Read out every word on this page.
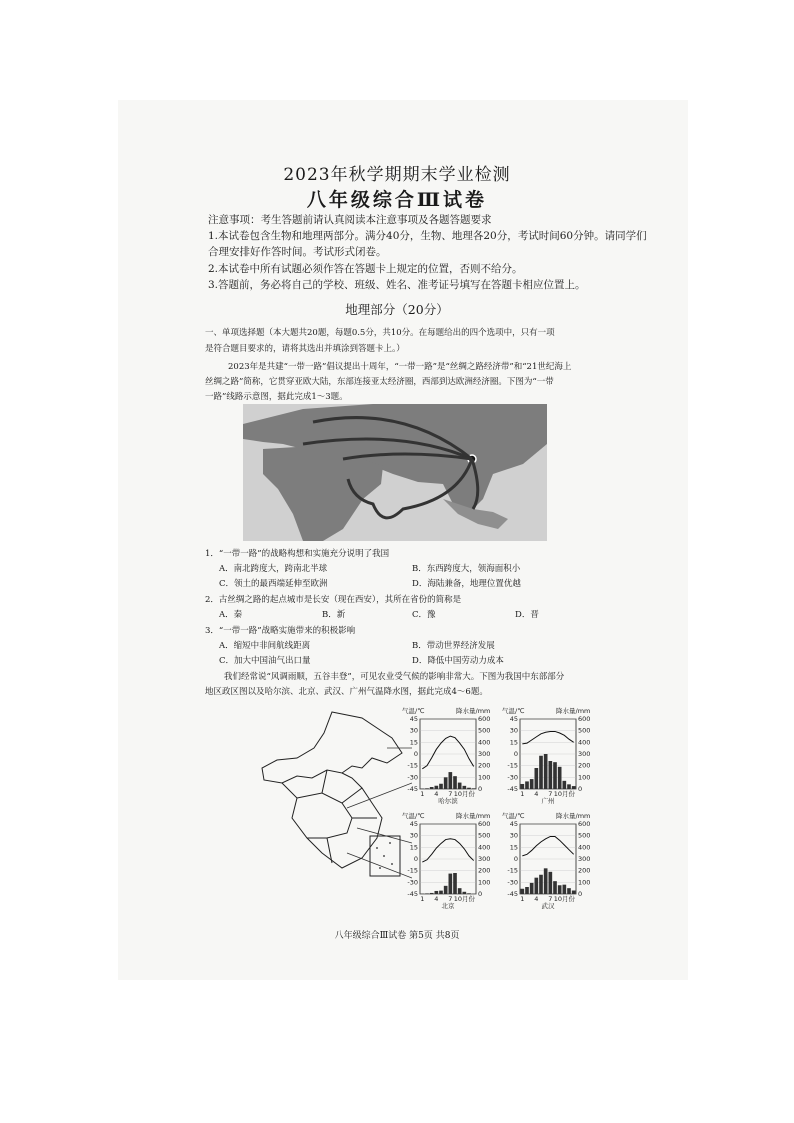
2023年秋学期期末学业检测
八年级综合Ⅲ试卷
注意事项：考生答题前请认真阅读本注意事项及各题答题要求
1.本试卷包含生物和地理两部分。满分40分，生物、地理各20分，考试时间60分钟。请同学们
合理安排好作答时间。考试形式闭卷。
2.本试卷中所有试题必须作答在答题卡上规定的位置，否则不给分。
3.答题前，务必将自己的学校、班级、姓名、准考证号填写在答题卡相应位置上。
地理部分（20分）
一、单项选择题（本大题共20题，每题0.5分，共10分。在每题给出的四个选项中，只有一项
是符合题目要求的，请将其选出并填涂到答题卡上。）
2023年是共建“一带一路”倡议提出十周年，“一带一路”是“丝绸之路经济带”和“21世纪海上
丝绸之路”简称，它贯穿亚欧大陆，东部连接亚太经济圈，西部到达欧洲经济圈。下图为“一带
一路”线路示意图，据此完成1～3题。
1．“一带一路”的战略构想和实施充分说明了我国
A．南北跨度大，跨南北半球	B．东西跨度大，领海面积小
C．领土的最西端延伸至欧洲	D．海陆兼备，地理位置优越
2．古丝绸之路的起点城市是长安（现在西安），其所在省份的简称是
A．秦	B．新	C．豫	D．晋
3．“一带一路”战略实施带来的积极影响
A．缩短中非间航线距离	B．带动世界经济发展
C．加大中国油气出口量	D．降低中国劳动力成本
我们经常说“风调雨顺，五谷丰登”，可见农业受气候的影响非常大。下图为我国中东部部分
地区政区图以及哈尔滨、北京、武汉、广州气温降水图，据此完成4～6题。
气温/℃	降水量/mm
45
30
15
0
-15
-30
-45
600
500
400
300
200
100
0
1 4 7 10月份
哈尔滨
气温/℃	降水量/mm
45
30
15
0
-15
-30
-45
600
500
400
300
200
100
0
1 4 7 10月份
广州
气温/℃	降水量/mm
45
30
15
0
-15
-30
-45
600
500
400
300
200
100
0
1 4 7 10月份
北京
气温/℃	降水量/mm
45
30
15
0
-15
-30
-45
600
500
400
300
200
100
0
1 4 7 10月份
武汉
八年级综合Ⅲ试卷 第5页 共8页
